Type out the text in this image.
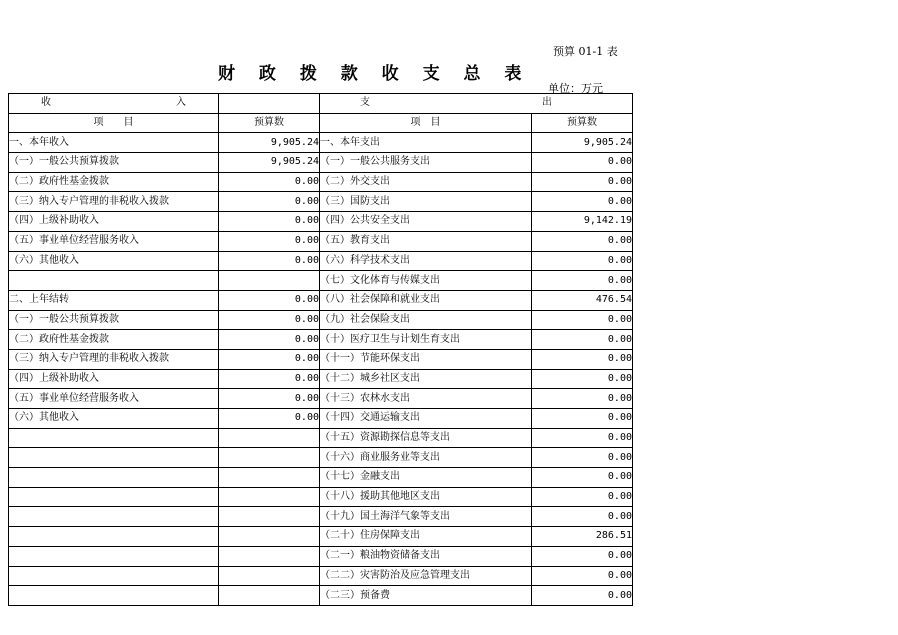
预算 01-1 表
财 政 拨 款 收 支 总 表
单位：万元
收 入		支 出	

项　　目	预算数	项　目	预算数
一、本年收入	9,905.24	一、本年支出	9,905.24
（一）一般公共预算拨款	9,905.24	（一）一般公共服务支出	0.00
（二）政府性基金拨款	0.00	（二）外交支出	0.00
（三）纳入专户管理的非税收入拨款	0.00	（三）国防支出	0.00
（四）上级补助收入	0.00	（四）公共安全支出	9,142.19
（五）事业单位经营服务收入	0.00	（五）教育支出	0.00
（六）其他收入	0.00	（六）科学技术支出	0.00
		（七）文化体育与传媒支出	0.00
二、上年结转	0.00	（八）社会保障和就业支出	476.54
（一）一般公共预算拨款	0.00	（九）社会保险支出	0.00
（二）政府性基金拨款	0.00	（十）医疗卫生与计划生育支出	0.00
（三）纳入专户管理的非税收入拨款	0.00	（十一）节能环保支出	0.00
（四）上级补助收入	0.00	（十二）城乡社区支出	0.00
（五）事业单位经营服务收入	0.00	（十三）农林水支出	0.00
（六）其他收入	0.00	（十四）交通运输支出	0.00
		（十五）资源勘探信息等支出	0.00
		（十六）商业服务业等支出	0.00
		（十七）金融支出	0.00
		（十八）援助其他地区支出	0.00
		（十九）国土海洋气象等支出	0.00
		（二十）住房保障支出	286.51
		（二一）粮油物资储备支出	0.00
		（二二）灾害防治及应急管理支出	0.00
		（二三）预备费	0.00
